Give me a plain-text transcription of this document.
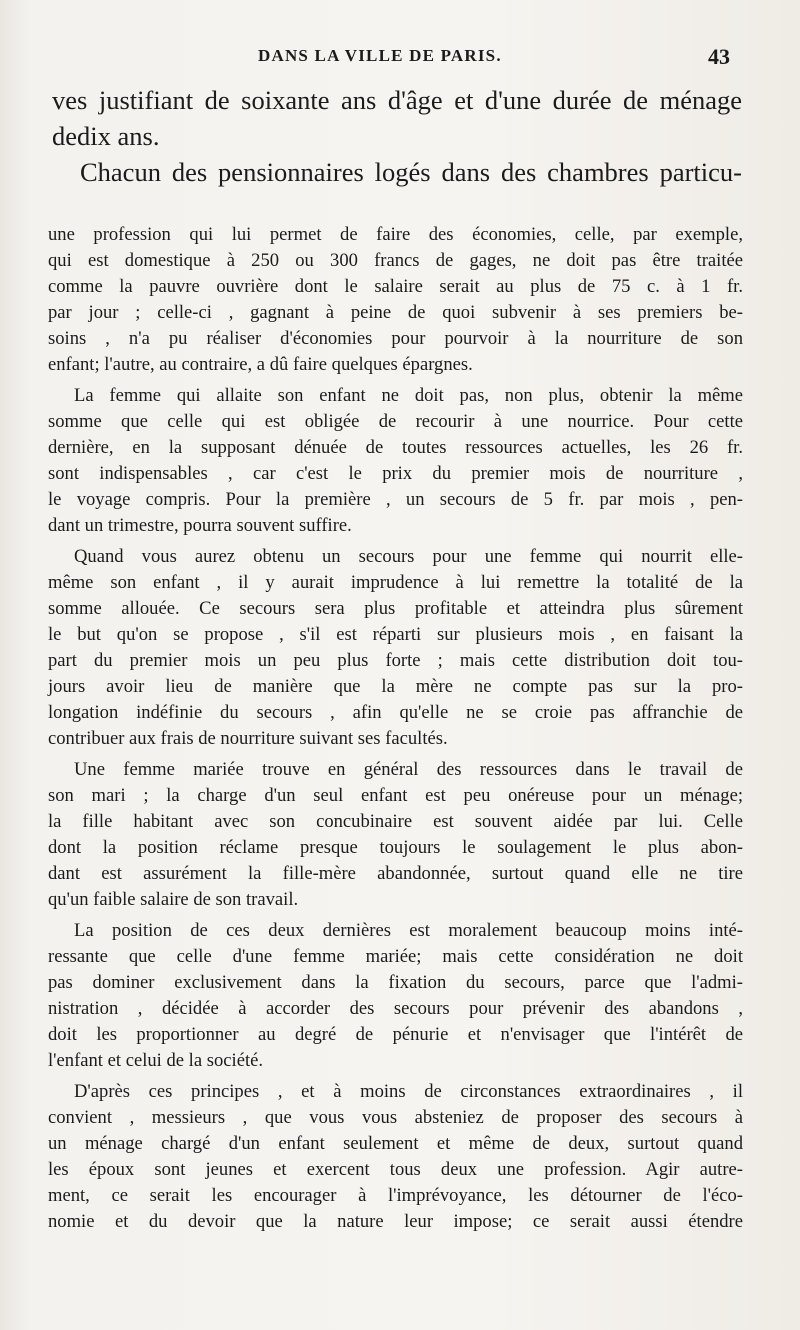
DANS LA VILLE DE PARIS.	43
ves justifiant de soixante ans d'âge et d'une durée de ménage
dedix ans.
Chacun des pensionnaires logés dans des chambres particu-
une profession qui lui permet de faire des économies, celle, par exemple,
qui est domestique à 250 ou 300 francs de gages, ne doit pas être traitée
comme la pauvre ouvrière dont le salaire serait au plus de 75 c. à 1 fr.
par jour ; celle-ci , gagnant à peine de quoi subvenir à ses premiers be-
soins , n'a pu réaliser d'économies pour pourvoir à la nourriture de son
enfant; l'autre, au contraire, a dû faire quelques épargnes.
La femme qui allaite son enfant ne doit pas, non plus, obtenir la même
somme que celle qui est obligée de recourir à une nourrice. Pour cette
dernière, en la supposant dénuée de toutes ressources actuelles, les 26 fr.
sont indispensables , car c'est le prix du premier mois de nourriture ,
le voyage compris. Pour la première , un secours de 5 fr. par mois , pen-
dant un trimestre, pourra souvent suffire.
Quand vous aurez obtenu un secours pour une femme qui nourrit elle-
même son enfant , il y aurait imprudence à lui remettre la totalité de la
somme allouée. Ce secours sera plus profitable et atteindra plus sûrement
le but qu'on se propose , s'il est réparti sur plusieurs mois , en faisant la
part du premier mois un peu plus forte ; mais cette distribution doit tou-
jours avoir lieu de manière que la mère ne compte pas sur la pro-
longation indéfinie du secours , afin qu'elle ne se croie pas affranchie de
contribuer aux frais de nourriture suivant ses facultés.
Une femme mariée trouve en général des ressources dans le travail de
son mari ; la charge d'un seul enfant est peu onéreuse pour un ménage;
la fille habitant avec son concubinaire est souvent aidée par lui. Celle
dont la position réclame presque toujours le soulagement le plus abon-
dant est assurément la fille-mère abandonnée, surtout quand elle ne tire
qu'un faible salaire de son travail.
La position de ces deux dernières est moralement beaucoup moins inté-
ressante que celle d'une femme mariée; mais cette considération ne doit
pas dominer exclusivement dans la fixation du secours, parce que l'admi-
nistration , décidée à accorder des secours pour prévenir des abandons ,
doit les proportionner au degré de pénurie et n'envisager que l'intérêt de
l'enfant et celui de la société.
D'après ces principes , et à moins de circonstances extraordinaires , il
convient , messieurs , que vous vous absteniez de proposer des secours à
un ménage chargé d'un enfant seulement et même de deux, surtout quand
les époux sont jeunes et exercent tous deux une profession. Agir autre-
ment, ce serait les encourager à l'imprévoyance, les détourner de l'éco-
nomie et du devoir que la nature leur impose; ce serait aussi étendre
